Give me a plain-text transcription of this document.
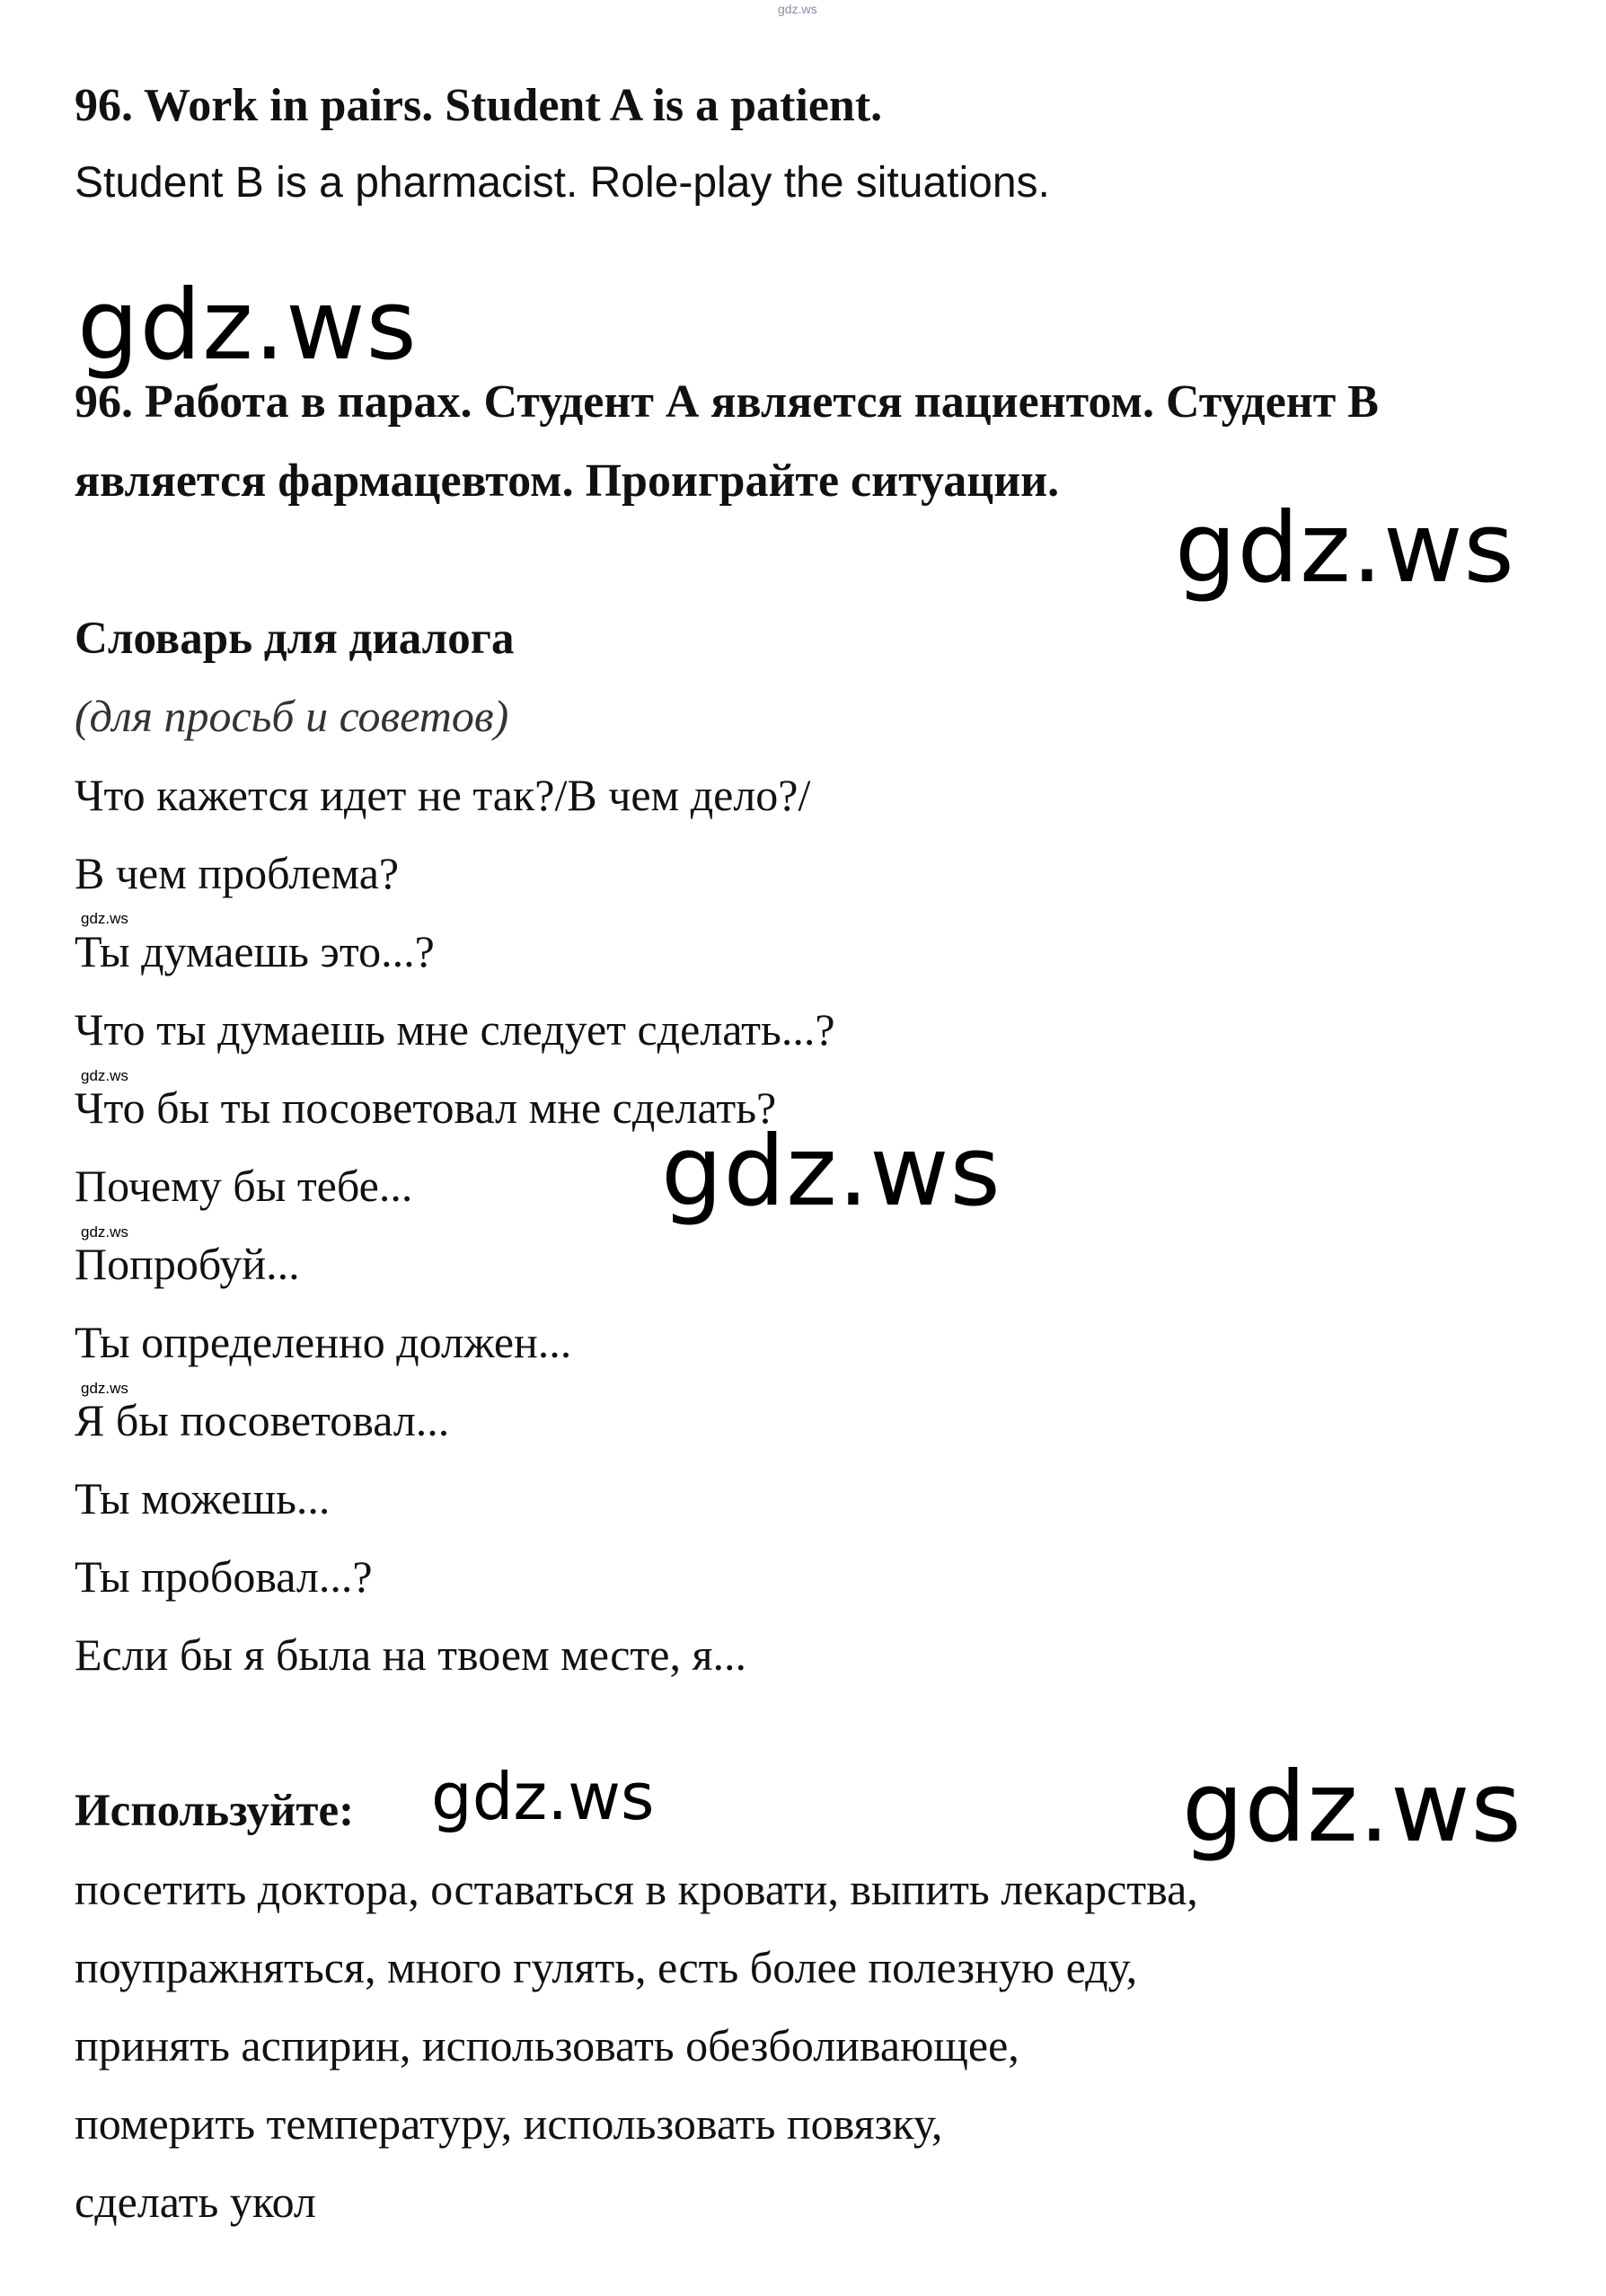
gdz.ws
96. Work in pairs. Student A is a patient.
Student B is a pharmacist. Role-play the situations.
gdz.ws
96. Работа в парах. Студент А является пациентом. Студент В
является фармацевтом. Проиграйте ситуации.
gdz.ws
Словарь для диалога
(для просьб и советов)
Что кажется идет не так?/В чем дело?/
В чем проблема?
gdz.ws
Ты думаешь это...?
Что ты думаешь мне следует сделать...?
gdz.ws
Что бы ты посоветовал мне сделать?
Почему бы тебе...	gdz.ws
gdz.ws
Попробуй...
Ты определенно должен...
gdz.ws
Я бы посоветовал...
Ты можешь...
Ты пробовал...?
Если бы я была на твоем месте, я...
Используйте: gdz.ws	gdz.ws
посетить доктора, оставаться в кровати, выпить лекарства,
поупражняться, много гулять, есть более полезную еду,
принять аспирин, использовать обезболивающее,
померить температуру, использовать повязку,
сделать укол
